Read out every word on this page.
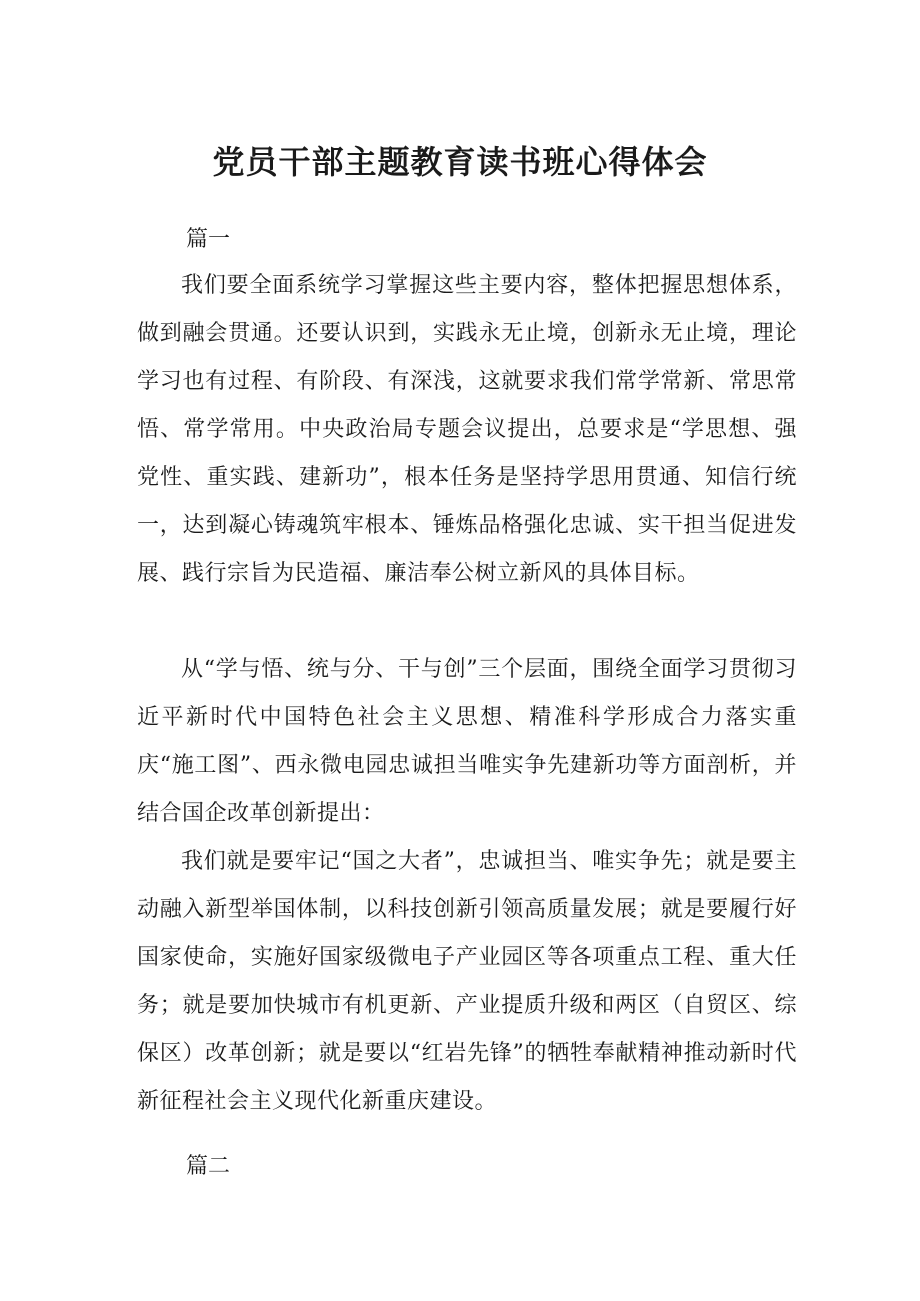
党员干部主题教育读书班心得体会

篇一

我们要全面系统学习掌握这些主要内容，整体把握思想体系，做到融会贯通。还要认识到，实践永无止境，创新永无止境，理论学习也有过程、有阶段、有深浅，这就要求我们常学常新、常思常悟、常学常用。中央政治局专题会议提出，总要求是“学思想、强党性、重实践、建新功”，根本任务是坚持学思用贯通、知信行统一，达到凝心铸魂筑牢根本、锤炼品格强化忠诚、实干担当促进发展、践行宗旨为民造福、廉洁奉公树立新风的具体目标。

从“学与悟、统与分、干与创”三个层面，围绕全面学习贯彻习近平新时代中国特色社会主义思想、精准科学形成合力落实重庆“施工图”、西永微电园忠诚担当唯实争先建新功等方面剖析，并结合国企改革创新提出：

我们就是要牢记“国之大者”，忠诚担当、唯实争先；就是要主动融入新型举国体制，以科技创新引领高质量发展；就是要履行好国家使命，实施好国家级微电子产业园区等各项重点工程、重大任务；就是要加快城市有机更新、产业提质升级和两区（自贸区、综保区）改革创新；就是要以“红岩先锋”的牺牲奉献精神推动新时代新征程社会主义现代化新重庆建设。

篇二
